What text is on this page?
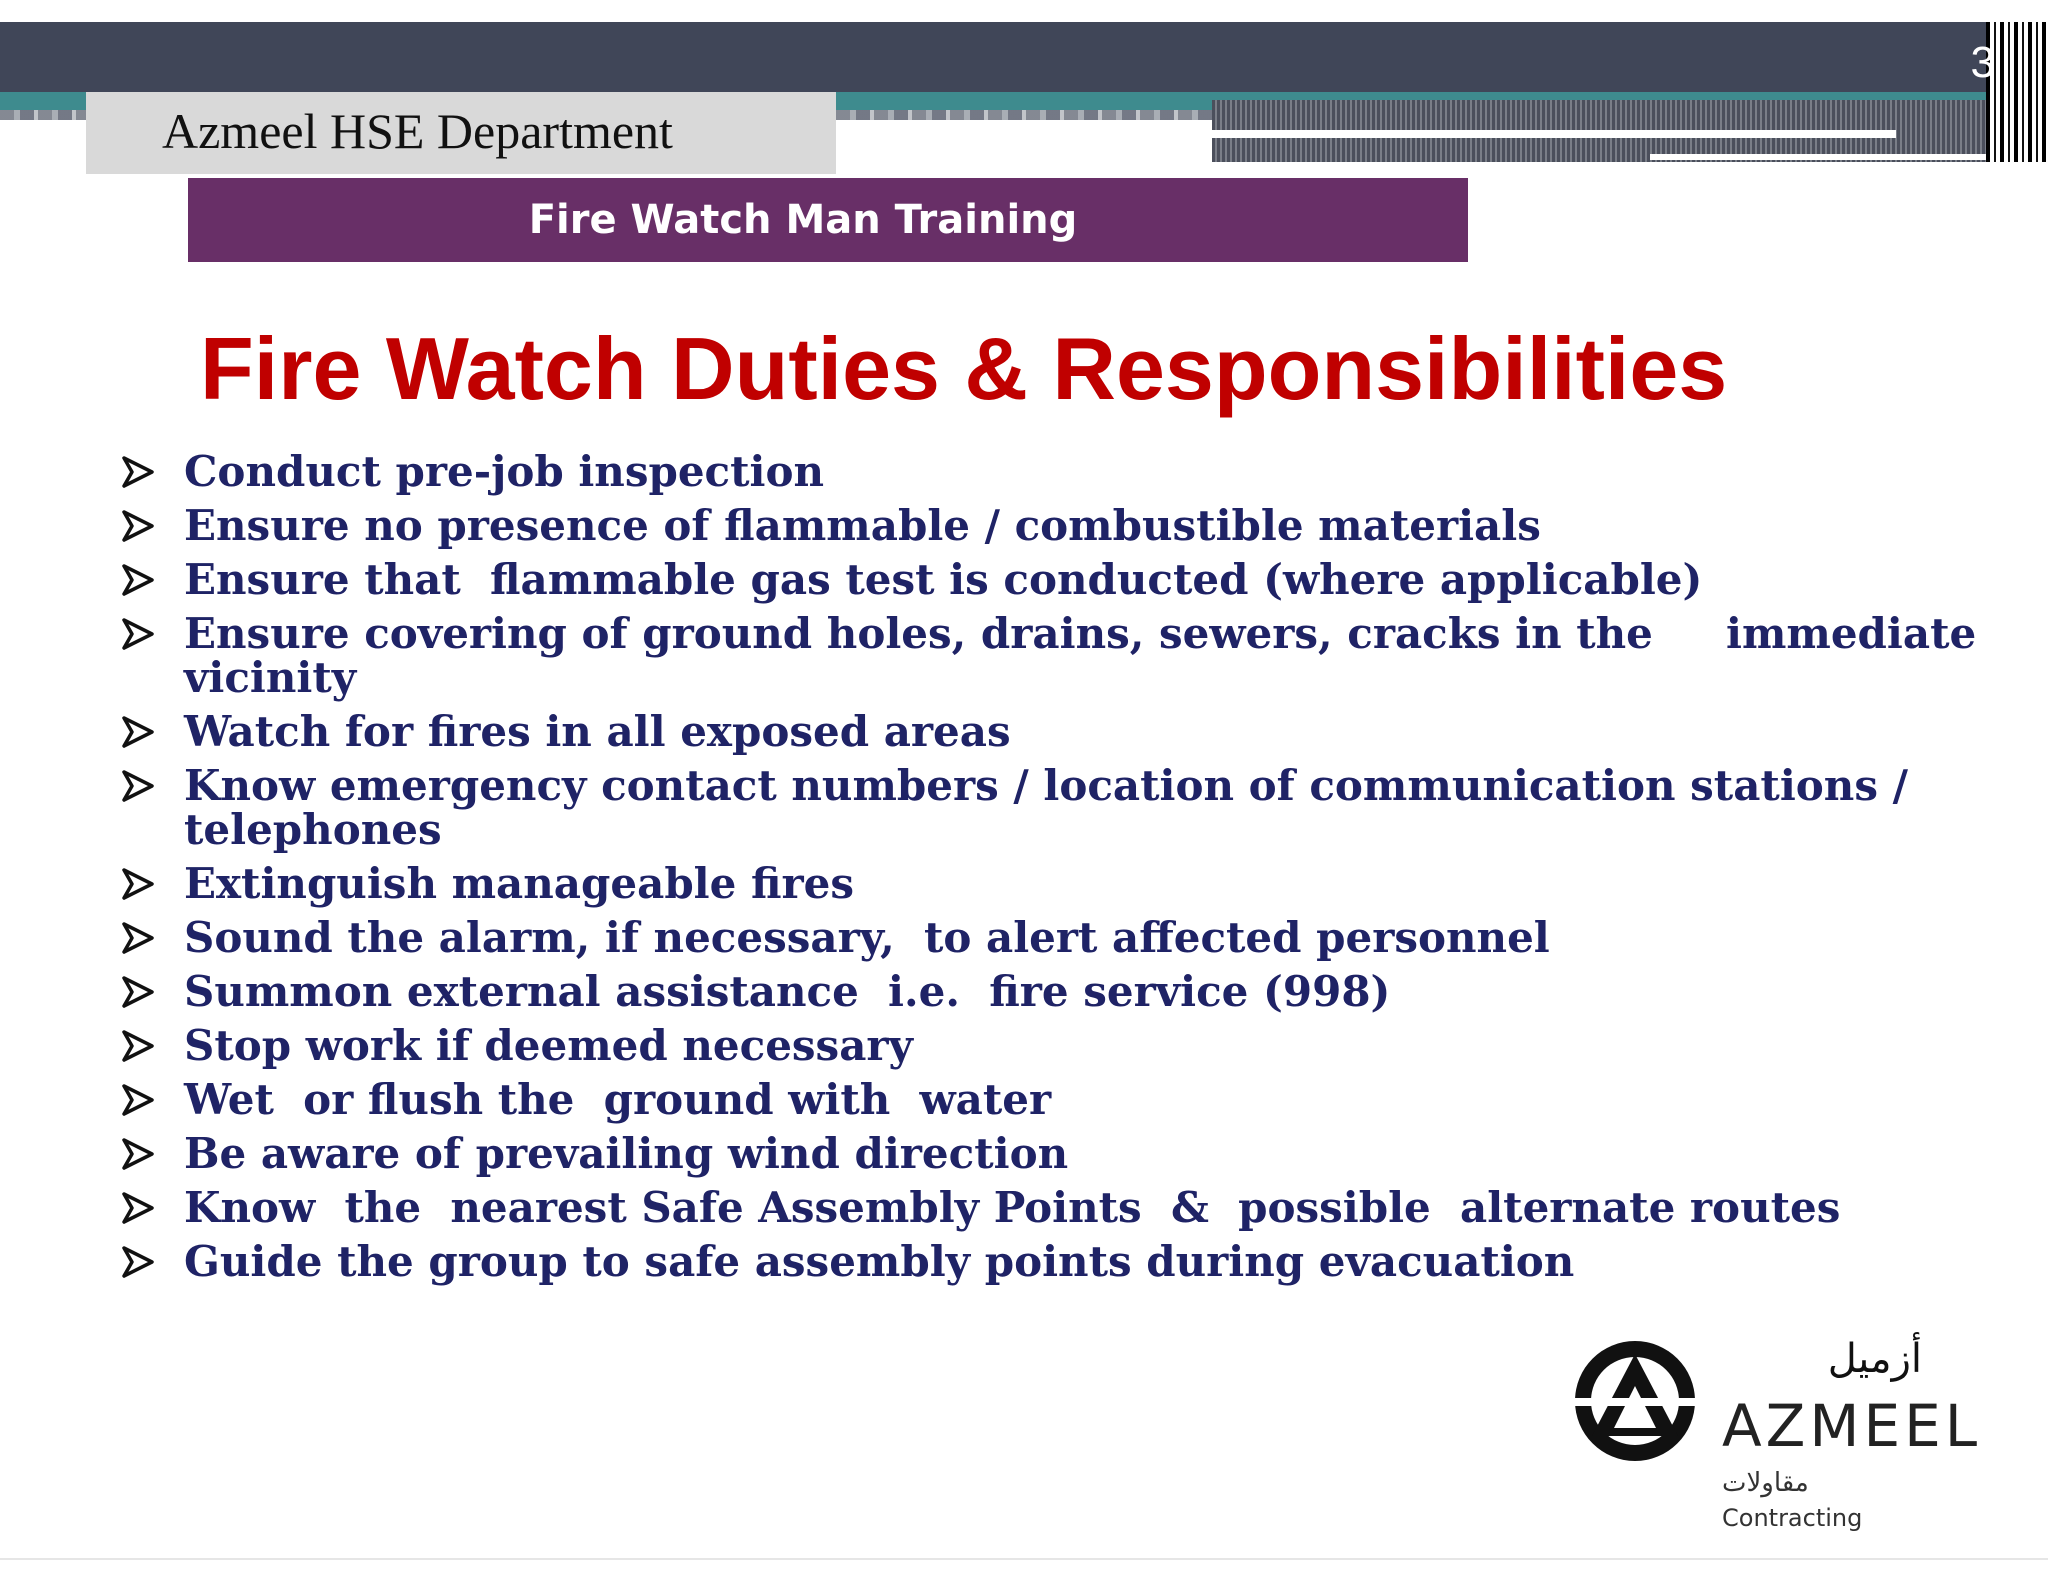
3
Azmeel HSE Department
Fire Watch Man Training
Fire Watch Duties & Responsibilities
Conduct pre-job inspection
Ensure no presence of flammable / combustible materials
Ensure that  flammable gas test is conducted (where applicable)
Ensure covering of ground holes, drains, sewers, cracks in the     immediate vicinity
Watch for fires in all exposed areas
Know emergency contact numbers / location of communication stations / telephones
Extinguish manageable fires
Sound the alarm, if necessary,  to alert affected personnel
Summon external assistance  i.e.  fire service (998)
Stop work if deemed necessary
Wet  or flush the  ground with  water
Be aware of prevailing wind direction
Know  the  nearest Safe Assembly Points  &  possible  alternate routes
Guide the group to safe assembly points during evacuation
أزميل
AZMEEL
مقاولات
Contracting
